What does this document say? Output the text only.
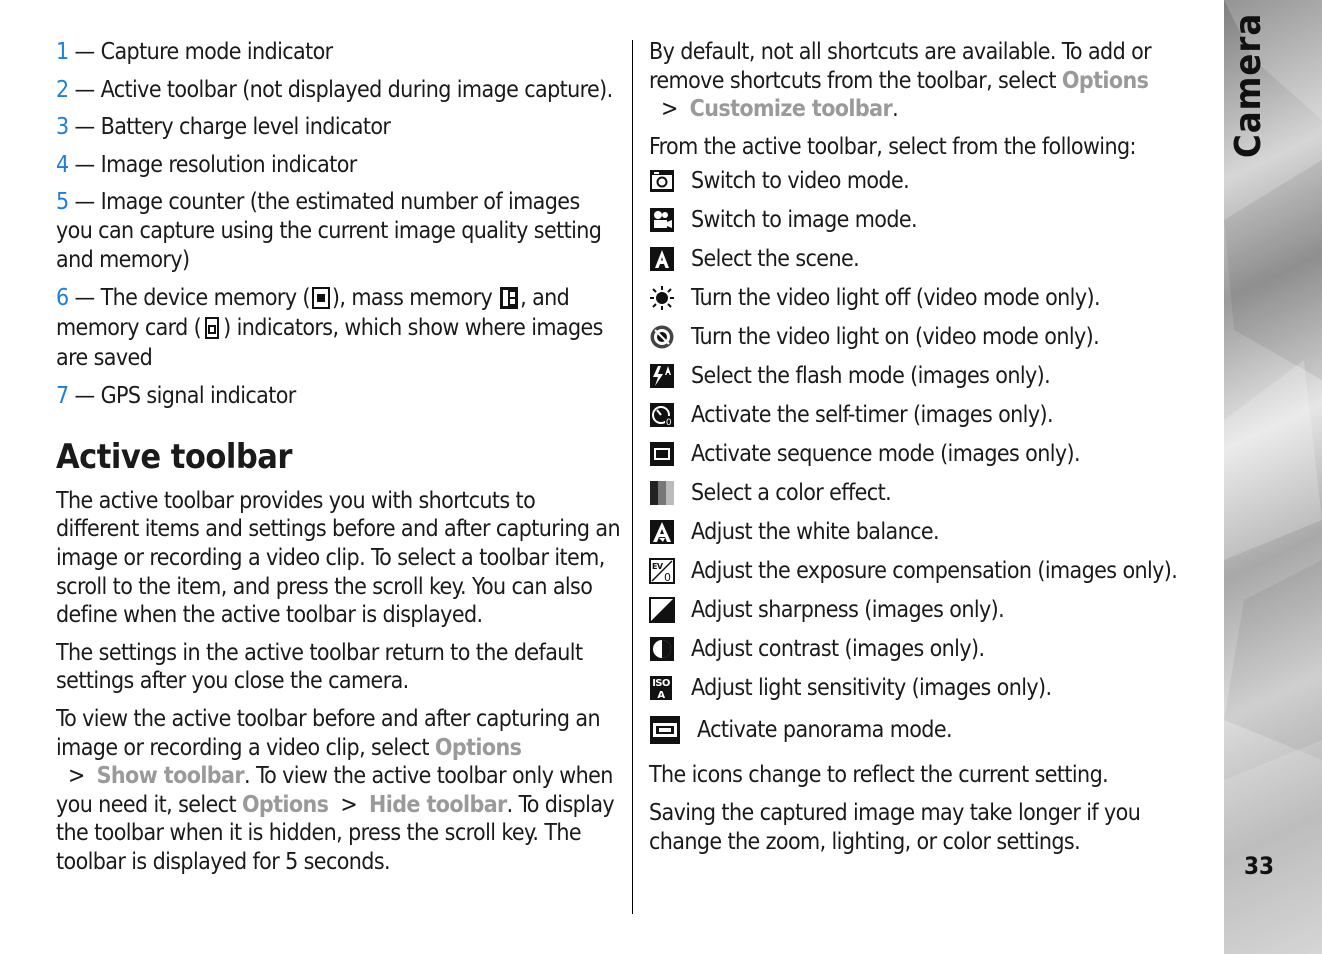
1 — Capture mode indicator

2 — Active toolbar (not displayed during image capture).

3 — Battery charge level indicator

4 — Image resolution indicator

5 — Image counter (the estimated number of images you can capture using the current image quality setting and memory)

6 — The device memory ( ), mass memory , and memory card ( ) indicators, which show where images are saved

7 — GPS signal indicator

Active toolbar

The active toolbar provides you with shortcuts to different items and settings before and after capturing an image or recording a video clip. To select a toolbar item, scroll to the item, and press the scroll key. You can also define when the active toolbar is displayed.

The settings in the active toolbar return to the default settings after you close the camera.

To view the active toolbar before and after capturing an image or recording a video clip, select Options  >  Show toolbar. To view the active toolbar only when you need it, select Options  >  Hide toolbar. To display the toolbar when it is hidden, press the scroll key. The toolbar is displayed for 5 seconds.

By default, not all shortcuts are available. To add or remove shortcuts from the toolbar, select Options  >  Customize toolbar.

From the active toolbar, select from the following:

Switch to video mode.
Switch to image mode.
Select the scene.
Turn the video light off (video mode only).
Turn the video light on (video mode only).
Select the flash mode (images only).
0 Activate the self-timer (images only).
Activate sequence mode (images only).
Select a color effect.
Adjust the white balance.
EV
0 Adjust the exposure compensation (images only).
Adjust sharpness (images only).
Adjust contrast (images only).
ISO
A Adjust light sensitivity (images only).
Activate panorama mode.

The icons change to reflect the current setting.

Saving the captured image may take longer if you change the zoom, lighting, or color settings.

Camera
33
